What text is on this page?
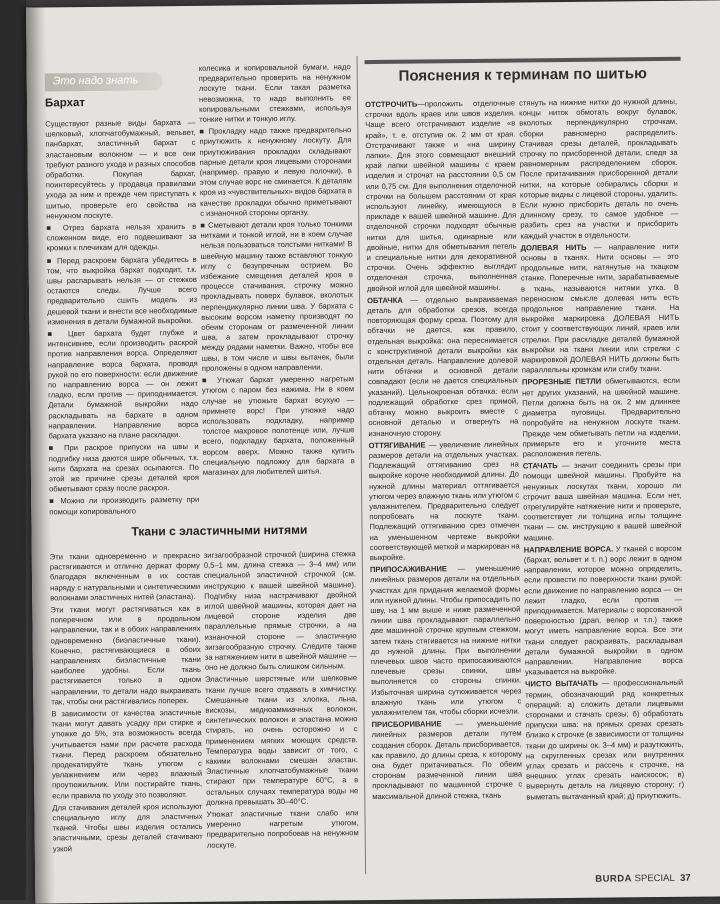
Это надо знать
Бархат

Существуют разные виды бархата — шелковый, хлопчатобумажный, вельвет, панбархат, эластичный бархат с эластановым волокном — и все они требуют разного ухода и разных способов обработки. Покупая бархат, поинтересуйтесь у продавца правилами ухода за ним и прежде чем приступать к шитью, проверьте его свойства на ненужном лоскуте.

■ Отрез бархата нельзя хранить в сложенном виде, его подвешивают за кромки к плечикам для одежды.

■ Перед раскроем бархата убедитесь в том, что выкройка бархат подходит, т.к. швы распарывать нельзя — от стежков остаются следы. Лучше всего предварительно сшить модель из дешевой ткани и внести все необходимые изменения в детали бумажной выкройки.

■ Цвет бархата будет глубже и интенсивнее, если производить раскрой против направления ворса. Определяют направление ворса бархата, проводя рукой по его поверхности: если движение по направлению ворса — он лежит гладко, если против — приподнимается. Детали бумажной выкройки надо раскладывать на бархате в одном направлении. Направление ворса бархата указано на плане раскладки.

■ При раскрое припуски на швы и подгибку низа даются шире обычных, т.к. нити бархата на срезах осыпаются. По этой же причине срезы деталей кроя обметывают сразу после раскроя.

■ Можно ли производить разметку при помощи копировального

колесика и копировальной бумаги, надо предварительно проверить на ненужном лоскуте ткани. Если такая разметка невозможна, то надо выполнить ее копировальными стежками, используя тонкие нитки и тонкую иглу.

■ Прокладку надо также предварительно приутюжить к ненужному лоскуту. Для приутюживания прокладки складывают парные детали кроя лицевыми сторонами (например, правую и левую полочки), в этом случае ворс не сминается. К деталям кроя из «чувствительных» видов бархата в качестве прокладки обычно приметывают с изнаночной стороны органзу.

■ Сметывают детали кроя только тонкими нитками и тонкой иглой, ни в коем случае нельзя пользоваться толстыми нитками! В швейную машину также вставляют тонкую иглу с безупречным острием. Во избежание смещения деталей кроя в процессе стачивания, строчку можно прокладывать поверх булавок, вколотых перпендикулярно линии шва. У бархата с высоким ворсом наметку производят по обеим сторонам от размеченной линии шва, а затем прокладывают строчку между рядами наметки. Важно, чтобы все швы, в том числе и швы вытачек, были проложены в одном направлении.

■ Утюжат бархат умеренно нагретым утюгом с паром без нажима. Ни в коем случае не утюжьте бархат всухую — примнете ворс! При утюжке надо использовать подкладку, например толстое махровое полотенце или, лучше всего, подкладку бархата, положенный ворсом вверх. Можно также купить специальную подложку для бархата в магазинах для любителей шитья.

Ткани с эластичными нитями

Эти ткани одновременно и прекрасно растягиваются и отлично держат форму благодаря включенным в их состав наряду с натуральными и синтетическими волокнами эластичных нитей (эластана).

Эти ткани могут растягиваться как в поперечном или в продольном направлении, так и в обоих направлениях одновременно (биэластичные ткани). Конечно, растягивающиеся в обоих направлениях биэластичные ткани наиболее удобны. Если ткань растягивается только в одном направлении, то детали надо выкраивать так, чтобы они растягивались поперек.

В зависимости от качества эластичные ткани могут давать усадку при стирке и утюжке до 5%, эта возможность всегда учитывается нами при расчете расхода ткани. Перед раскроем обязательно продекатируйте ткань утюгом с увлажнением или через влажный проутюжильник. Или постирайте ткань, если правила по уходу это позволяют.

Для стачивания деталей кроя используют специальную иглу для эластичных тканей. Чтобы швы изделия остались эластичными, срезы деталей стачивают узкой

зигзагообразной строчкой (ширина стежка 0,5–1 мм, длина стежка — 3–4 мм) или специальной эластичной строчкой (см. инструкцию к вашей швейной машине). Подгибку низа настрачивают двойной иглой швейной машины, которая дает на лицевой стороне изделия две параллельные прямые строчки, а на изнаночной стороне — эластичную зигзагообразную строчку. Следите также за натяжением нити в швейной машине — оно не должно быть слишком сильным.

Эластичные шерстяные или шелковые ткани лучше всего отдавать в химчистку. Смешанные ткани из хлопка, льна, вискозы, медноаммиачных волокон, синтетических волокон и эластана можно стирать, но очень осторожно и с применением мягких моющих средств. Температура воды зависит от того, с какими волокнами смешан эластан. Эластичные хлопчатобумажные ткани стирают при температуре 60°С, а в остальных случаях температура воды не должна превышать 30–40°С.

Утюжат эластичные ткани слабо или умеренно нагретым утюгом, предварительно попробовав на ненужном лоскуте.

Пояснения к терминам по шитью

ОТСТРОЧИТЬ—проложить отделочные строчки вдоль краев или швов изделия. Чаще всего отстрачивают изделие «в край», т. е. отступив ок. 2 мм от края. Отстрачивают также и «на ширину лапки». Для этого совмещают внешний край лапки швейной машины с краем изделия и строчат на расстоянии 0,5 см или 0,75 см. Для выполнения отделочной строчки на большем расстоянии от края используют линейку, имеющуюся в прикладе к вашей швейной машине. Для отделочной строчки подходят обычные нитки для шитья, одинарные или двойные, нитки для обметывания петель и специальные нитки для декоративной строчки. Очень эффектно выглядит отделочная строчка, выполненная двойной иглой для швейной машины.

ОБТАЧКА — отдельно выкраиваемая деталь для обработки срезов, всегда повторяющая форму среза. Поэтому для обтачки не дается, как правило, отдельная выкройка: она переснимается с конструктивной детали выкройки как отдельная деталь. Направление долевой нити обтачки и основной детали совпадают (если не дается специальных указаний). Цельнокроеная обтачка: если подлежащий обработке срез прямой, обтачку можно выкроить вместе с основной деталью и отвернуть на изнаночную сторону.

ОТТЯГИВАНИЕ — увеличение линейных размеров детали на отдельных участках. Подлежащий оттягиванию срез на выкройке короче необходимой длины. До нужной длины материал оттягивается утюгом через влажную ткань или утюгом с увлажнителем. Предварительно следует попробовать на лоскуте ткани. Подлежащий оттягиванию срез отмечен на уменьшенном чертеже выкройки соответствующей меткой и маркирован на выкройке.

ПРИПОСАЖИВАНИЕ — уменьшение линейных размеров детали на отдельных участках для придания желаемой формы или нужной длины. Чтобы припосадить по шву, на 1 мм выше и ниже размеченной линии шва прокладывают параллельно две машинной строчке крупным стежком, затем ткань стягивается на нижние нитки до нужной длины. При выполнении плечевых швов часто припосаживаются плечевые срезы спинки, швы выполняется со стороны спинки. Избыточная ширина сутюживается через влажную ткань или утюгом с увлажнителем так, чтобы сборки исчезли.

ПРИСБОРИВАНИЕ — уменьшение линейных размеров детали путем создания сборок. Деталь присборивается, как правило, до длины среза, к которому она будет притачиваться. По обеим сторонам размеченной линии шва прокладывают по машинной строчке с максимальной длиной стежка, ткань

стянуть на нижние нитки до нужной длины, концы ниток обмотать вокруг булавок, вколотых перпендикулярно строчкам, сборки равномерно распределить. Стачивая срезы деталей, прокладывать строчку по присборенной детали, следя за равномерным распределением сборок. После притачивания присборенной детали нитки, на которые собирались сборки и которые видны с лицевой стороны, удалить. Если нужно присборить деталь по очень длинному срезу, то самое удобное — разбить срез на участки и присборить каждый участок в отдельности.

ДОЛЕВАЯ НИТЬ — направление нити основы в тканях. Нити основы — это продольные нити, натянутые на ткацком станке. Поперечные нити, зарабатываемые в ткань, называются нитями утка. В переносном смысле долевая нить есть продольное направление ткани. На выкройке маркировка ДОЛЕВАЯ НИТЬ стоит у соответствующих линий, краев или стрелки. При раскладке деталей бумажной выкройки на ткани линии или стрелки с маркировкой ДОЛЕВАЯ НИТЬ должны быть параллельны кромкам или сгибу ткани.

ПРОРЕЗНЫЕ ПЕТЛИ обметываются, если нет других указаний, на швейной машине. Петли должна быть на ок. 2 мм длиннее диаметра пуговицы. Предварительно попробуйте на ненужном лоскуте ткани. Прежде чем обметывать петли на изделии, примерьте его и уточните места расположения петель.

СТАЧАТЬ — значит соединить срезы при помощи швейной машины. Пробуйте на ненужных лоскутах ткани, хорошо ли строчит ваша швейная машина. Если нет, отрегулируйте натяжение нити и проверьте, соответствует ли толщина иглы толщине ткани — см. инструкцию к вашей швейной машине.

НАПРАВЛЕНИЕ ВОРСА. У тканей с ворсом (бархат, вельвет и т. п.) ворс лежит в одном направлении, которое можно определить, если провести по поверхности ткани рукой: если движение по направлению ворса — он лежит гладко, если против — приподнимается. Материалы с ворсованной поверхностью (драп, велюр и т.п.) также могут иметь направление ворса. Все эти ткани следует раскраивать, раскладывая детали бумажной выкройки в одном направлении. Направление ворса указывается на выкройке.

ЧИСТО ВЫТАЧАТЬ — профессиональный термин, обозначающий ряд конкретных операций: а) сложить детали лицевыми сторонами и стачать срезы; б) обработать припуски шва: на прямых срезах срезать близко к строчке (в зависимости от толщины ткани до ширины ок. 3–4 мм) и разутюжить, на скругленных срезах или внутренних углах срезать и рассечь к строчке, на внешних углах срезать наискосок; в) вывернуть деталь на лицевую сторону; г) выметать вытачанный край; д) приутюжить.

BURDA SPECIAL 37
